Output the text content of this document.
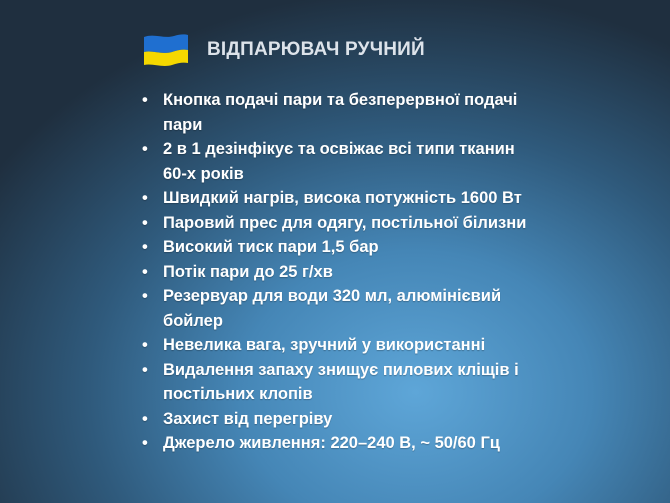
ВІДПАРЮВАЧ РУЧНИЙ
• Кнопка подачі пари та безперервної подачі пари
• 2 в 1 дезінфікує та освіжає всі типи тканин 60-х років
• Швидкий нагрів, висока потужність 1600 Вт
• Паровий прес для одягу, постільної білизни
• Високий тиск пари 1,5 бар
• Потік пари до 25 г/хв
• Резервуар для води 320 мл, алюмінієвий бойлер
• Невелика вага, зручний у використанні
• Видалення запаху знищує пилових кліщів і постільних клопів
• Захист від перегріву
• Джерело живлення: 220–240 В, ~ 50/60 Гц
